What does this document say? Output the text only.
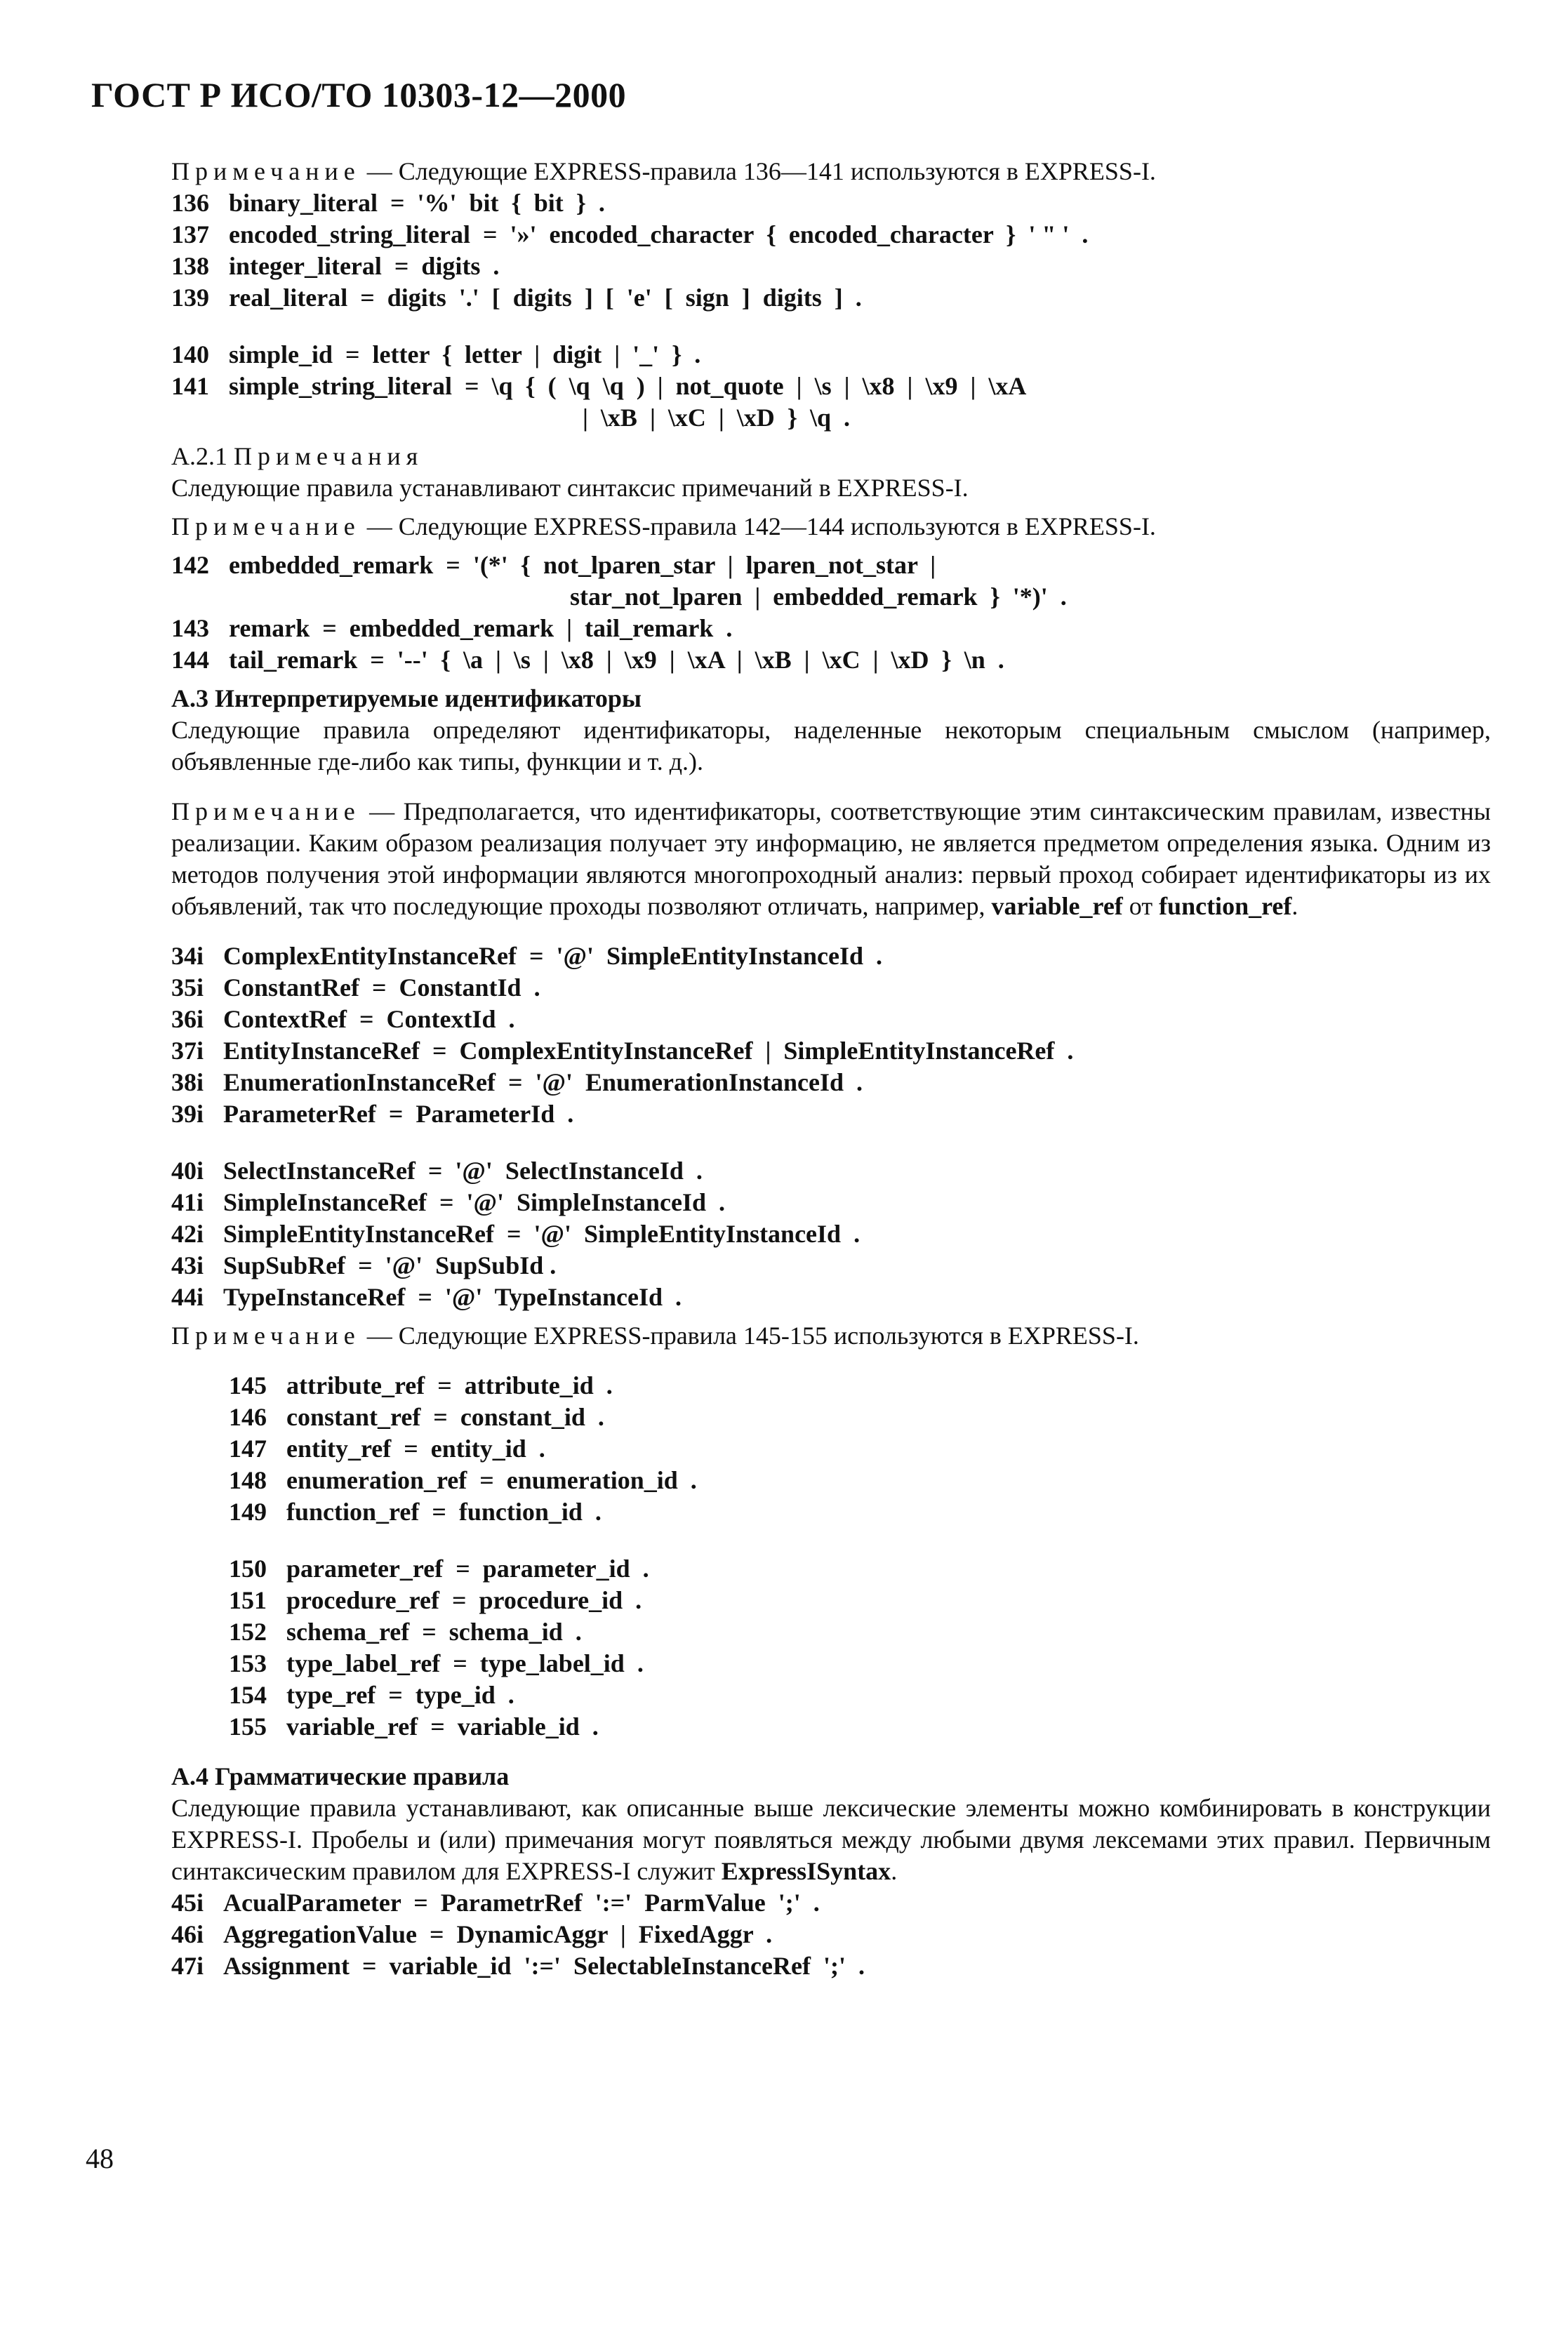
ГОСТ Р ИСО/ТО 10303-12—2000

Примечание — Следующие EXPRESS-правила 136—141 используются в EXPRESS-I.

136 binary_literal  =  '%'  bit  {  bit  }  .
137 encoded_string_literal  =  '»'  encoded_character  {  encoded_character  }  ' " '  .
138 integer_literal  =  digits  .
139 real_literal  =  digits  '.'  [  digits  ]  [  'e'  [  sign  ]  digits  ]  .
140 simple_id  =  letter  {  letter  |  digit  |  '_'  }  .
141 simple_string_literal  =  \q  {  (  \q  \q  )  |  not_quote  |  \s  |  \x8  |  \x9  |  \xA
|  \xB  |  \xC  |  \xD  }  \q  .

A.2.1 Примечания

Следующие правила устанавливают синтаксис примечаний в EXPRESS-I.

Примечание — Следующие EXPRESS-правила 142—144 используются в EXPRESS-I.

142 embedded_remark  =  '(*'  {  not_lparen_star  |  lparen_not_star  |
star_not_lparen  |  embedded_remark  }  '*)'  .
143 remark  =  embedded_remark  |  tail_remark  .
144 tail_remark  =  '--'  {  \a  |  \s  |  \x8  |  \x9  |  \xA  |  \xB  |  \xC  |  \xD  }  \n  .

A.3 Интерпретируемые идентификаторы

Следующие правила определяют идентификаторы, наделенные некоторым специальным смыслом (например, объявленные где-либо как типы, функции и т. д.).

Примечание — Предполагается, что идентификаторы, соответствующие этим синтаксическим правилам, известны реализации. Каким образом реализация получает эту информацию, не является предметом определения языка. Одним из методов получения этой информации являются многопроходный анализ: первый проход собирает идентификаторы из их объявлений, так что последующие проходы позволяют отличать, например, variable_ref от function_ref.

34i ComplexEntityInstanceRef  =  '@'  SimpleEntityInstanceId  .
35i ConstantRef  =  ConstantId  .
36i ContextRef  =  ContextId  .
37i EntityInstanceRef  =  ComplexEntityInstanceRef  |  SimpleEntityInstanceRef  .
38i EnumerationInstanceRef  =  '@'  EnumerationInstanceId  .
39i ParameterRef  =  ParameterId  .
40i SelectInstanceRef  =  '@'  SelectInstanceId  .
41i SimpleInstanceRef  =  '@'  SimpleInstanceId  .
42i SimpleEntityInstanceRef  =  '@'  SimpleEntityInstanceId  .
43i SupSubRef  =  '@'  SupSubId .
44i TypeInstanceRef  =  '@'  TypeInstanceId  .

Примечание — Следующие EXPRESS-правила 145-155 используются в EXPRESS-I.

145 attribute_ref  =  attribute_id  .
146 constant_ref  =  constant_id  .
147 entity_ref  =  entity_id  .
148 enumeration_ref  =  enumeration_id  .
149 function_ref  =  function_id  .
150 parameter_ref  =  parameter_id  .
151 procedure_ref  =  procedure_id  .
152 schema_ref  =  schema_id  .
153 type_label_ref  =  type_label_id  .
154 type_ref  =  type_id  .
155 variable_ref  =  variable_id  .

A.4 Грамматические правила

Следующие правила устанавливают, как описанные выше лексические элементы можно комбинировать в конструкции EXPRESS-I. Пробелы и (или) примечания могут появляться между любыми двумя лексемами этих правил. Первичным синтаксическим правилом для EXPRESS-I служит ExpressISyntax.

45i AcualParameter  =  ParametrRef  ':='  ParmValue  ';'  .
46i AggregationValue  =  DynamicAggr  |  FixedAggr  .
47i Assignment  =  variable_id  ':='  SelectableInstanceRef  ';'  .
48
